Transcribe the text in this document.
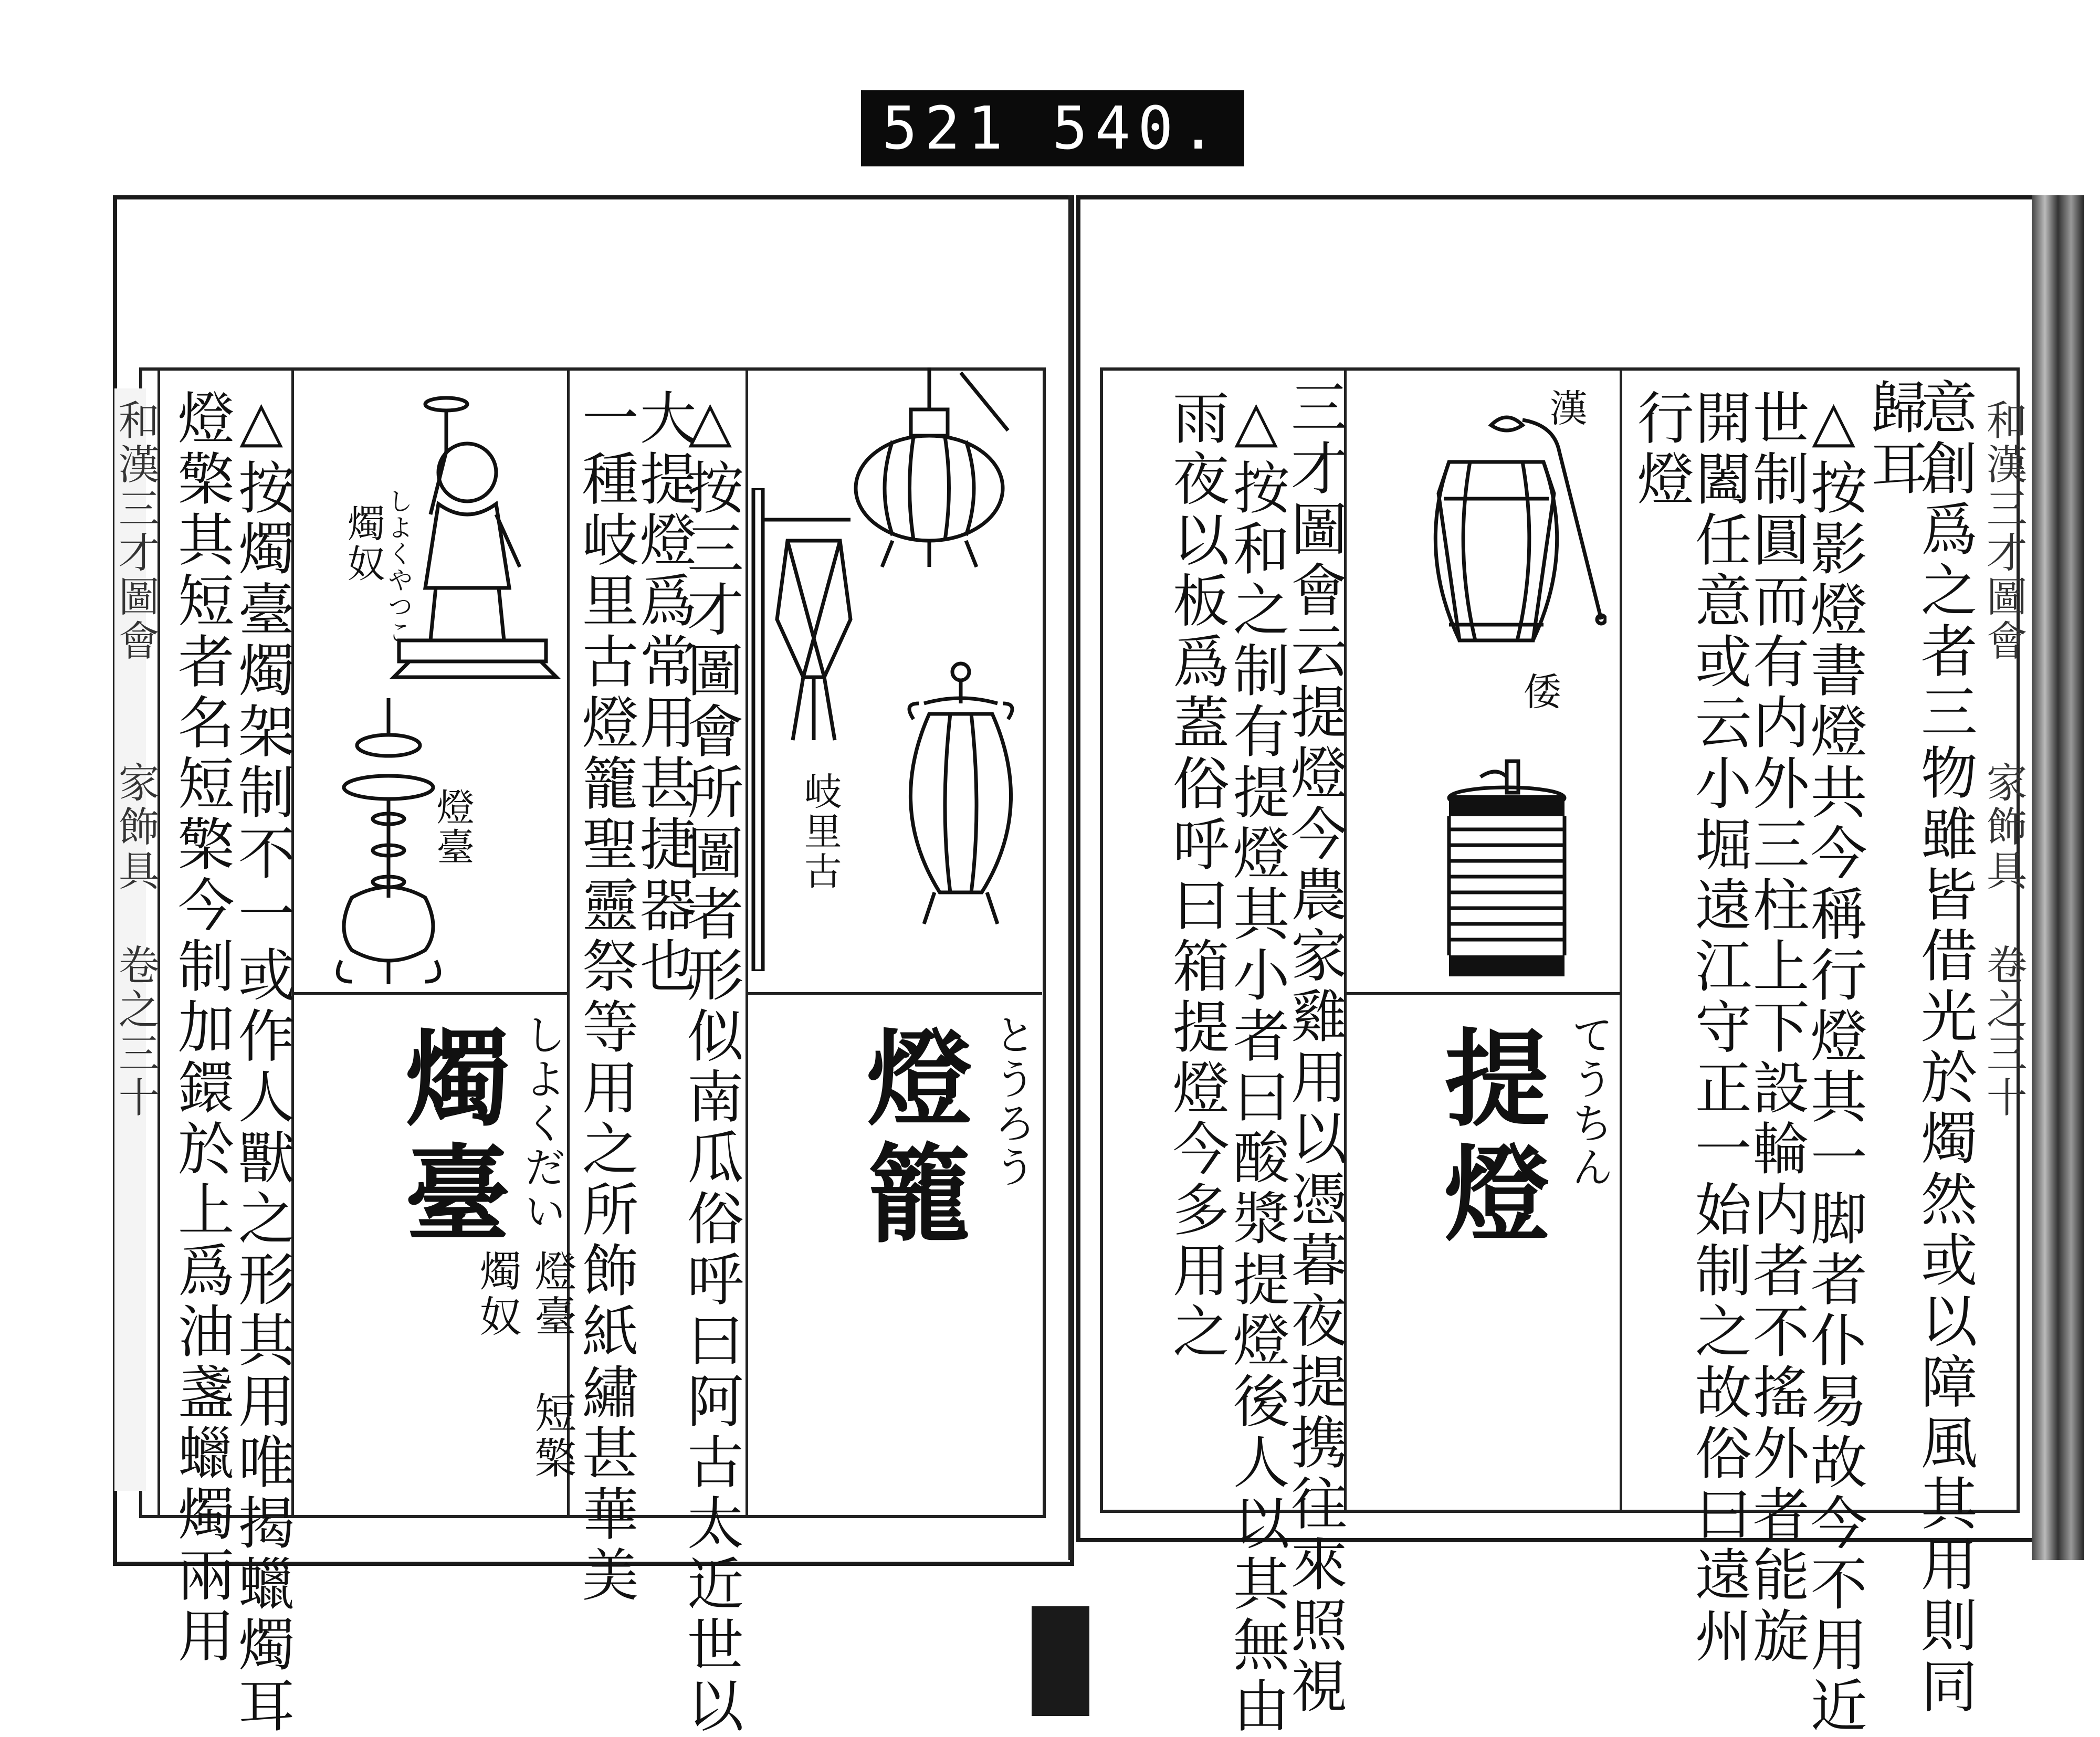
521 540.
和漢三才圖會
家飾具 卷之三十 △按燭臺燭架制不一或作人獸之形其用唯揭蠟燭耳
燈檠其短者名短檠今制加鐶於上爲油盞蠟燭兩用	燭奴
しよくやつこ
燈臺
燭臺 しよくだい
燈臺
短檠
燭奴	△按三才圖會所圖者形似南瓜俗呼曰阿古太近世以
大提燈爲常用甚捷器也
一種岐里古燈籠聖靈祭等用之所飾紙繡甚華美	岐里古
燈籠 とうろう
和漢三才圖會
家飾具 卷之三十
意創爲之者三物雖皆借光於燭然或以障風其用則同
歸耳
△按影燈書燈共今稱行燈其一脚者仆易故今不用近
世制圓而有内外三柱上下設輪内者不搖外者能旋
開闔任意或云小堀遠江守正一始制之故俗曰遠州
行燈
三才圖會云提燈今農家雞用以憑暮夜提携往來照視
△按和之制有提燈其小者曰酸漿提燈後人以其無由
雨夜以板爲蓋俗呼曰箱提燈今多用之	漢
倭
提燈 てうちん
